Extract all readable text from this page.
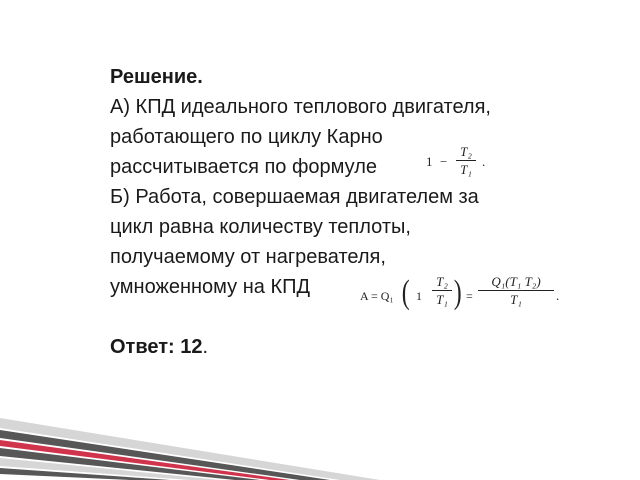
Решение.
А) КПД идеального теплового двигателя,
работающего по циклу Карно
рассчитывается по формуле
Б) Работа, совершаемая двигателем за
цикл равна количеству теплоты,
получаемому от нагревателя,
умноженному на КПД
Ответ: 12.
1 −
T₂
T₁
.
A = Q₁ ( 1
T₂
T₁ ) =
Q₁(T₁ T₂)
T₁	.
